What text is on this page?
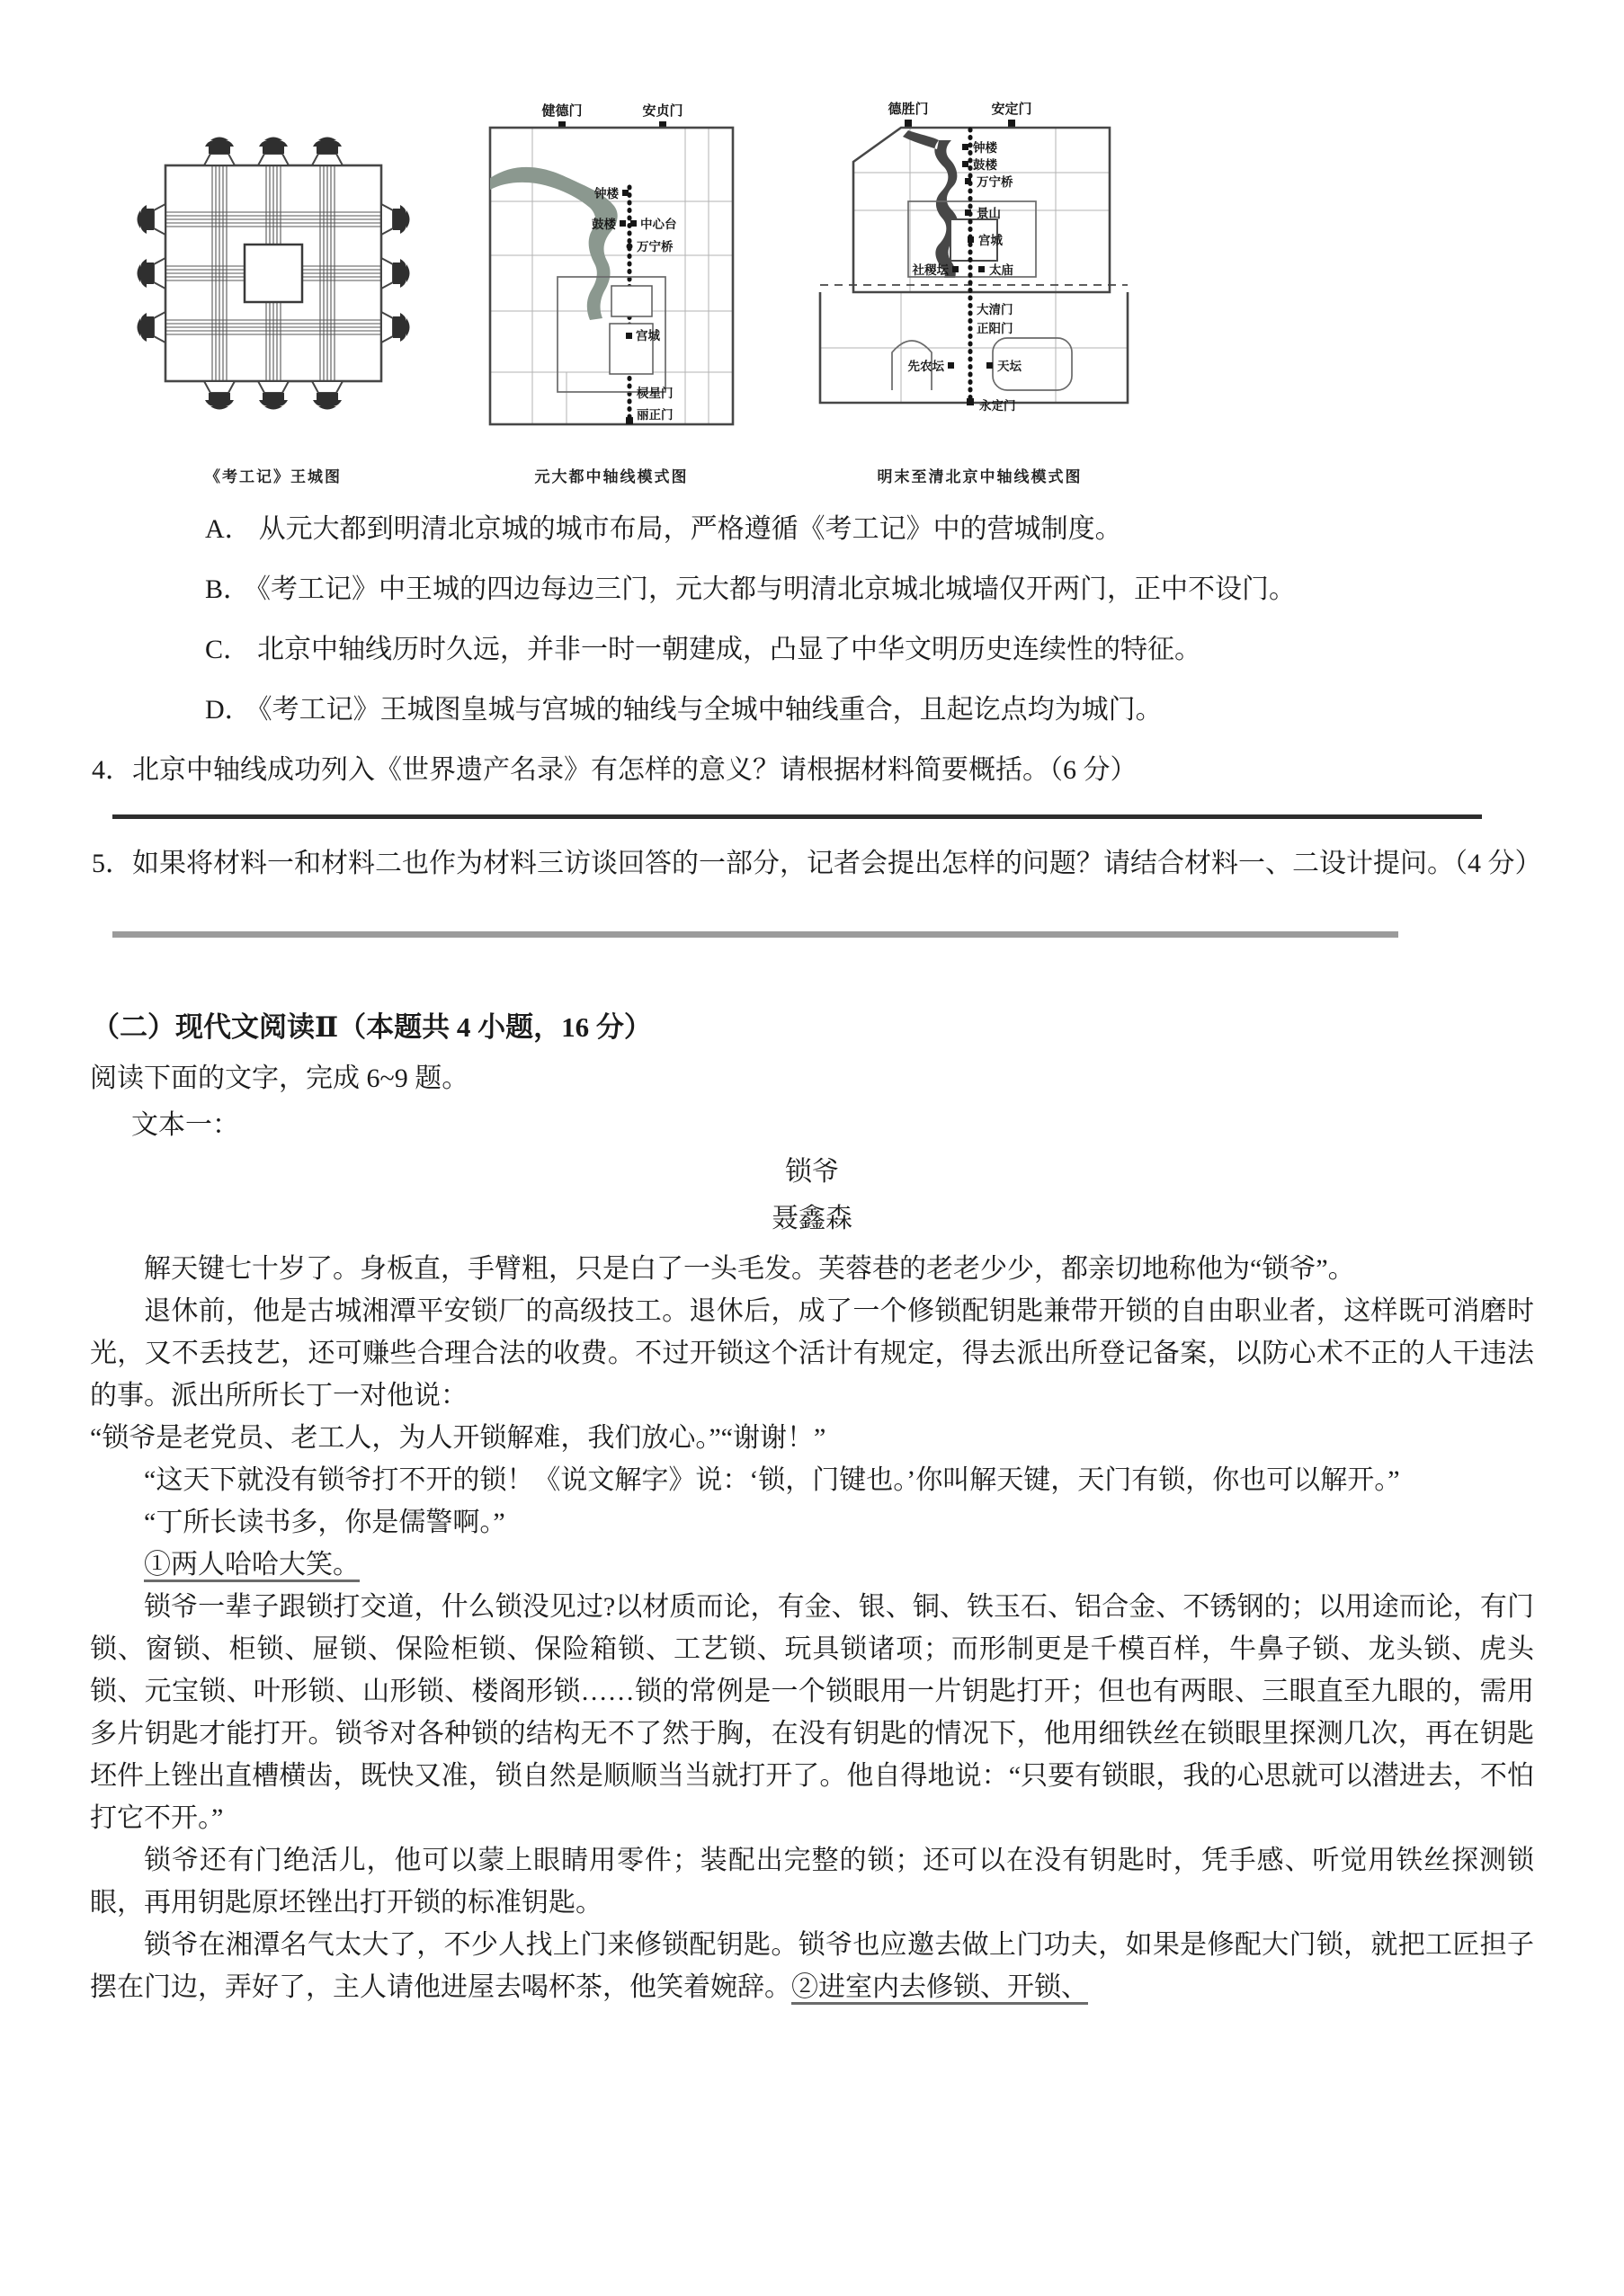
《考工记》王城图
健德门	安贞门
钟楼
鼓楼 中心台
万宁桥
宫城
棂星门
丽正门
元大都中轴线模式图
德胜门	安定门
钟楼
鼓楼
万宁桥
景山
宫城
社稷坛	太庙
大清门
正阳门
先农坛	天坛
永定门
明末至清北京中轴线模式图

A． 从元大都到明清北京城的城市布局，严格遵循《考工记》中的营城制度。

B． 《考工记》中王城的四边每边三门，元大都与明清北京城北城墙仅开两门，正中不设门。

C． 北京中轴线历时久远，并非一时一朝建成，凸显了中华文明历史连续性的特征。

D． 《考工记》王城图皇城与宫城的轴线与全城中轴线重合，且起讫点均为城门。

4．北京中轴线成功列入《世界遗产名录》有怎样的意义？请根据材料简要概括。（6 分）

5．如果将材料一和材料二也作为材料三访谈回答的一部分，记者会提出怎样的问题？请结合材料一、二设计提问。（4 分）

（二）现代文阅读Ⅱ（本题共 4 小题，16 分）

阅读下面的文字，完成 6~9 题。

文本一：

锁爷

聂鑫森

解天键七十岁了。身板直，手臂粗，只是白了一头毛发。芙蓉巷的老老少少，都亲切地称他为“锁爷”。

退休前，他是古城湘潭平安锁厂的高级技工。退休后，成了一个修锁配钥匙兼带开锁的自由职业者，这样既可消磨时光，又不丢技艺，还可赚些合理合法的收费。不过开锁这个活计有规定，得去派出所登记备案，以防心术不正的人干违法的事。派出所所长丁一对他说：

“锁爷是老党员、老工人，为人开锁解难，我们放心。”“谢谢！”

“这天下就没有锁爷打不开的锁！《说文解字》说：‘锁，门键也。’你叫解天键，天门有锁，你也可以解开。”

“丁所长读书多，你是儒警啊。”

①两人哈哈大笑。

锁爷一辈子跟锁打交道，什么锁没见过?以材质而论，有金、银、铜、铁玉石、铝合金、不锈钢的；以用途而论，有门锁、窗锁、柜锁、屉锁、保险柜锁、保险箱锁、工艺锁、玩具锁诸项；而形制更是千模百样，牛鼻子锁、龙头锁、虎头锁、元宝锁、叶形锁、山形锁、楼阁形锁……锁的常例是一个锁眼用一片钥匙打开；但也有两眼、三眼直至九眼的，需用多片钥匙才能打开。锁爷对各种锁的结构无不了然于胸，在没有钥匙的情况下，他用细铁丝在锁眼里探测几次，再在钥匙坯件上锉出直槽横齿，既快又准，锁自然是顺顺当当就打开了。他自得地说：“只要有锁眼，我的心思就可以潜进去，不怕打它不开。”

锁爷还有门绝活儿，他可以蒙上眼睛用零件；装配出完整的锁；还可以在没有钥匙时，凭手感、听觉用铁丝探测锁眼，再用钥匙原坯锉出打开锁的标准钥匙。

锁爷在湘潭名气太大了，不少人找上门来修锁配钥匙。锁爷也应邀去做上门功夫，如果是修配大门锁，就把工匠担子摆在门边，弄好了，主人请他进屋去喝杯茶，他笑着婉辞。②进室内去修锁、开锁、
